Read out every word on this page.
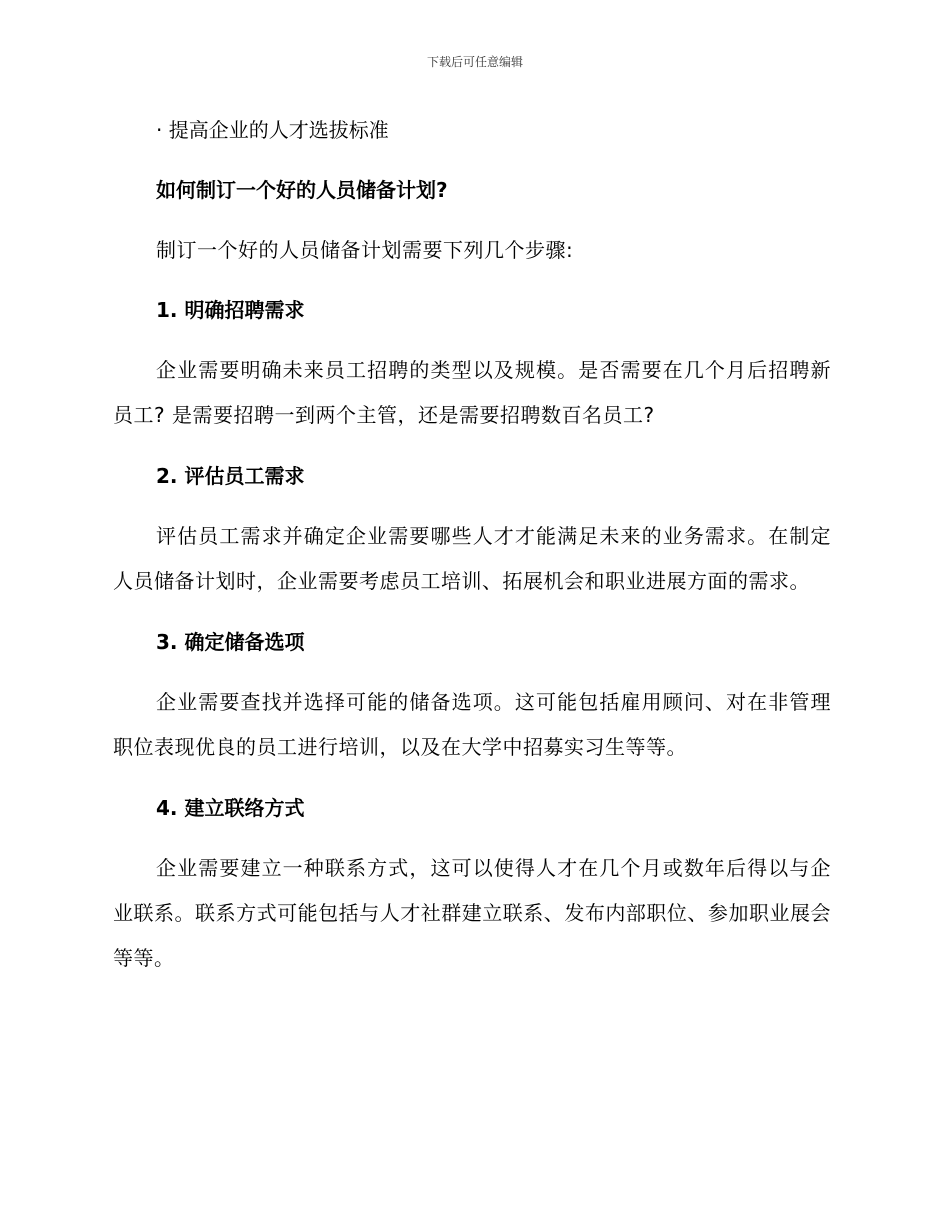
下载后可任意编辑

· 提高企业的人才选拔标准

如何制订一个好的人员储备计划?

制订一个好的人员储备计划需要下列几个步骤:

1. 明确招聘需求

企业需要明确未来员工招聘的类型以及规模。是否需要在几个月后招聘新员工? 是需要招聘一到两个主管，还是需要招聘数百名员工?

2. 评估员工需求

评估员工需求并确定企业需要哪些人才才能满足未来的业务需求。在制定人员储备计划时，企业需要考虑员工培训、拓展机会和职业进展方面的需求。

3. 确定储备选项

企业需要查找并选择可能的储备选项。这可能包括雇用顾问、对在非管理职位表现优良的员工进行培训，以及在大学中招募实习生等等。

4. 建立联络方式

企业需要建立一种联系方式，这可以使得人才在几个月或数年后得以与企业联系。联系方式可能包括与人才社群建立联系、发布内部职位、参加职业展会等等。
